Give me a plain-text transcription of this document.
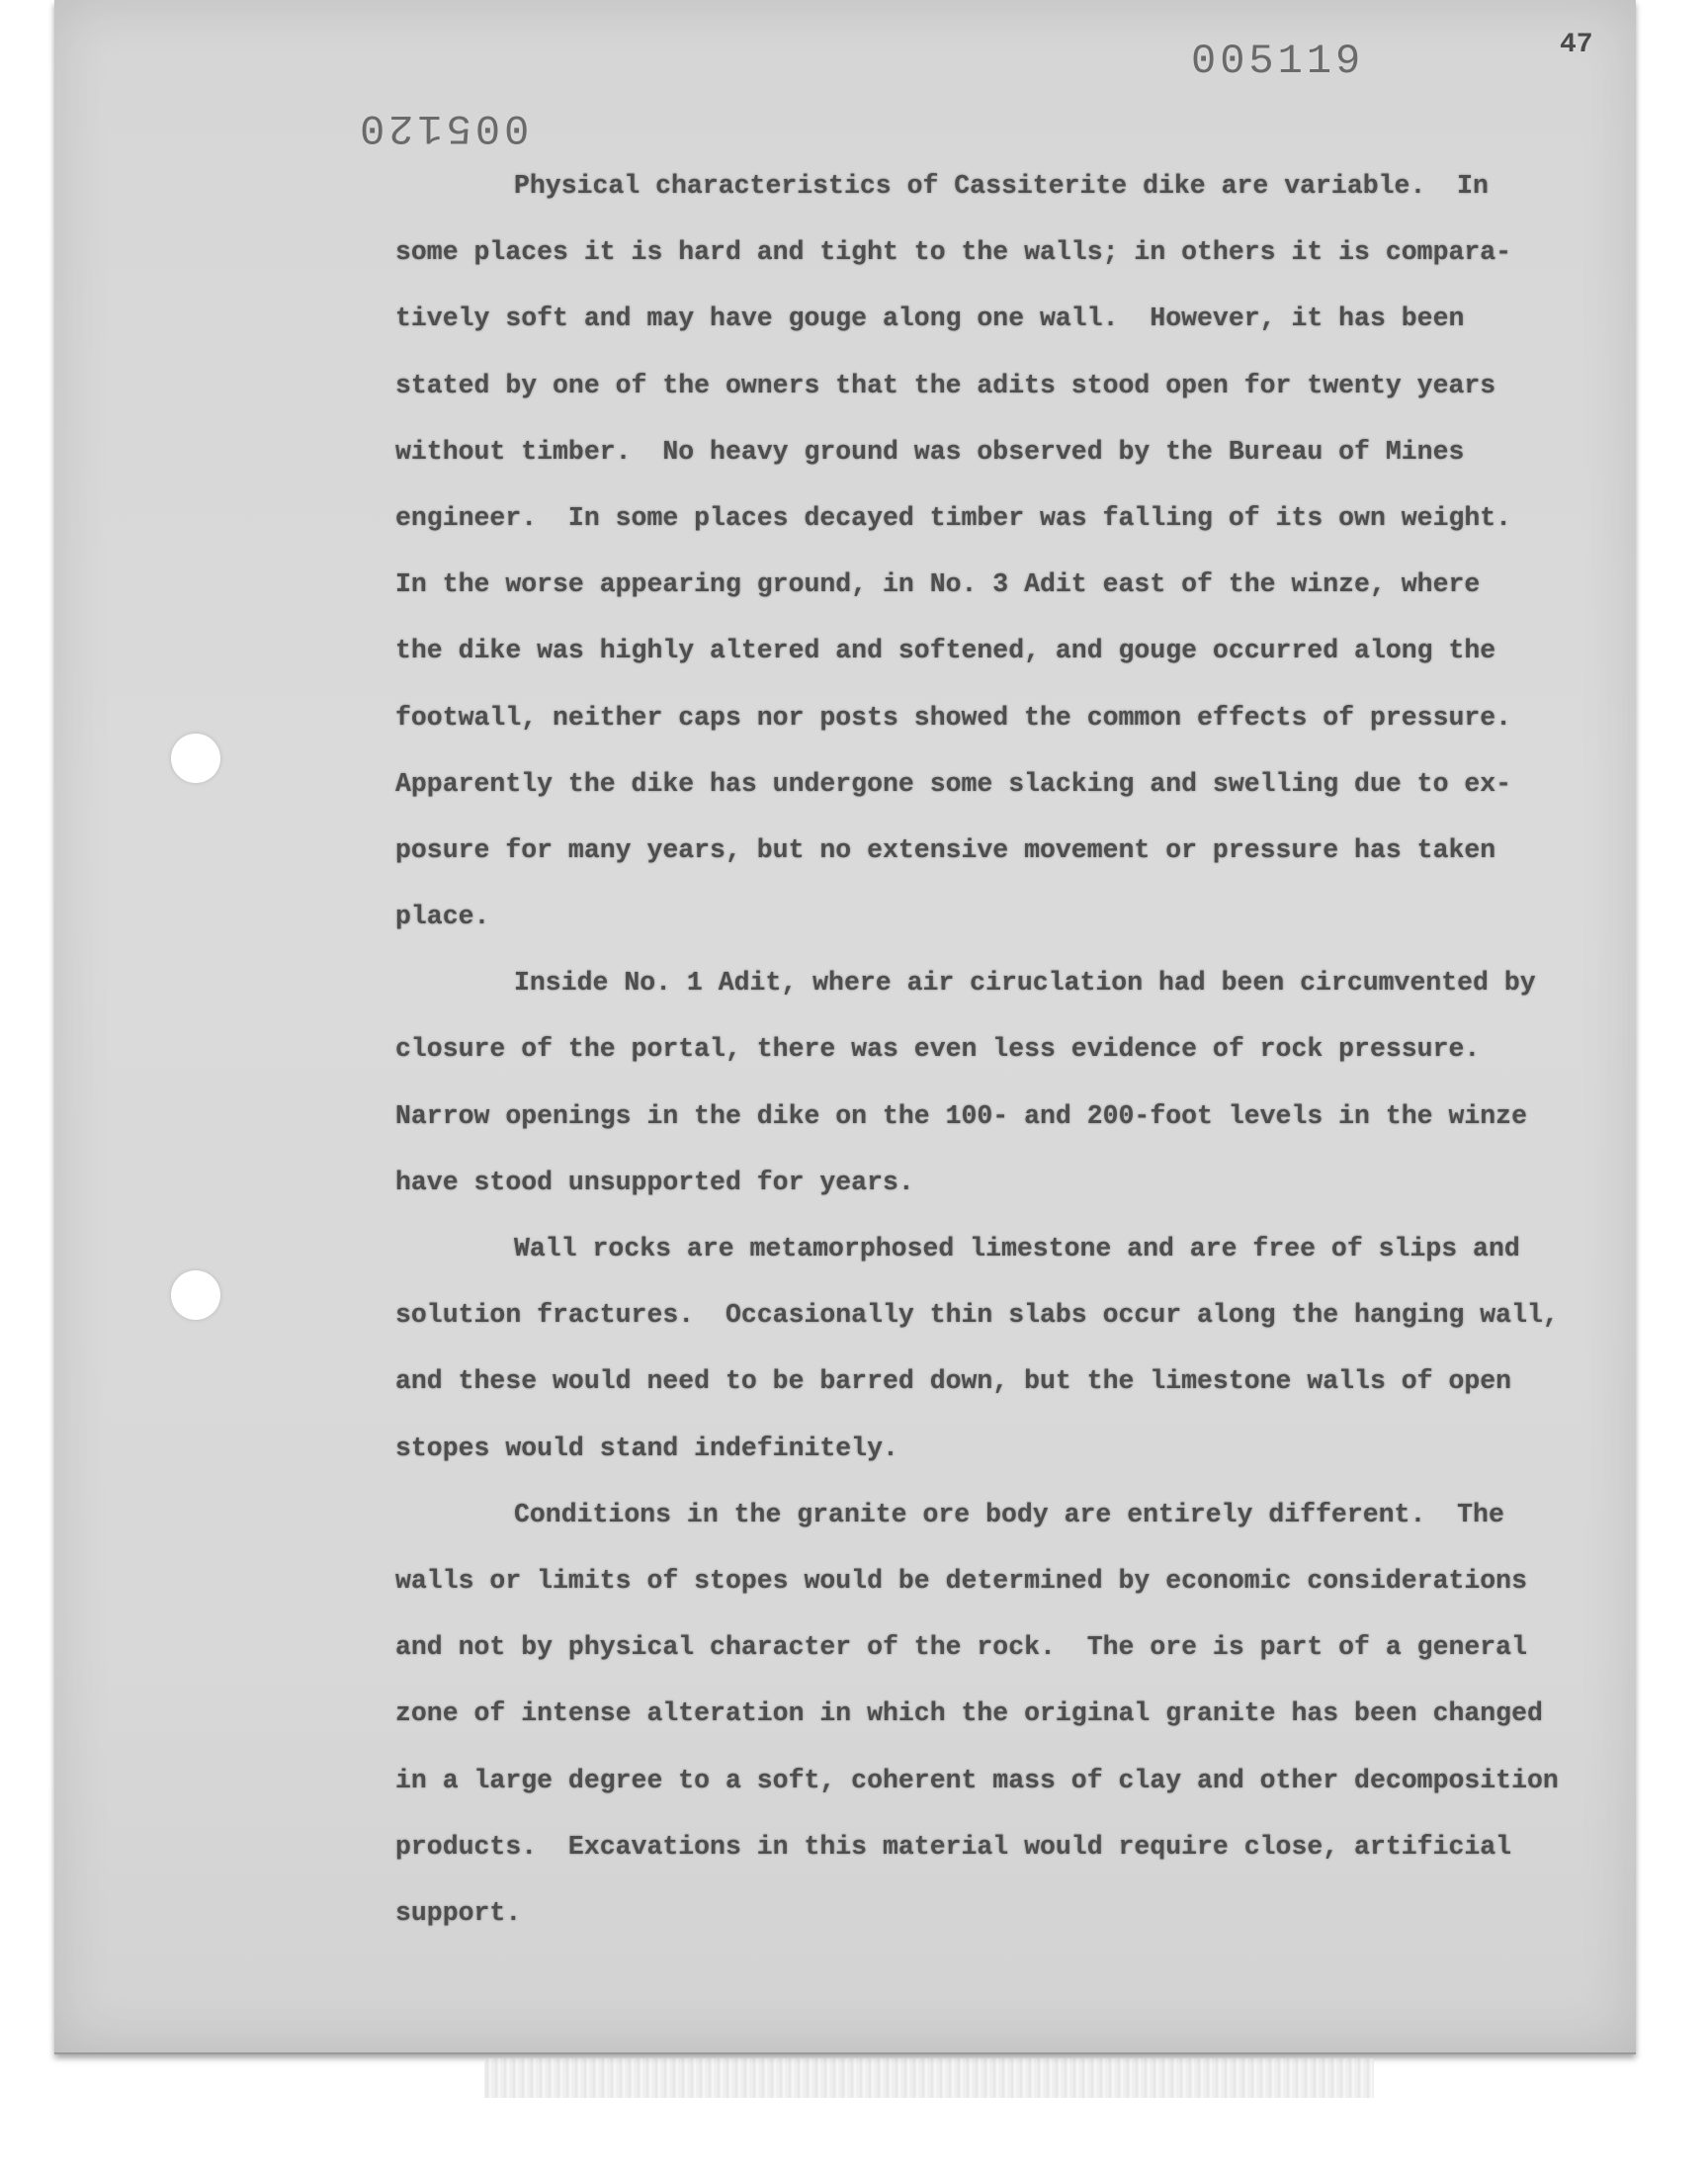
47
005119
005120
Physical characteristics of Cassiterite dike are variable.  In
some places it is hard and tight to the walls; in others it is compara-
tively soft and may have gouge along one wall.  However, it has been
stated by one of the owners that the adits stood open for twenty years
without timber.  No heavy ground was observed by the Bureau of Mines
engineer.  In some places decayed timber was falling of its own weight.
In the worse appearing ground, in No. 3 Adit east of the winze, where
the dike was highly altered and softened, and gouge occurred along the
footwall, neither caps nor posts showed the common effects of pressure.
Apparently the dike has undergone some slacking and swelling due to ex-
posure for many years, but no extensive movement or pressure has taken
place.
Inside No. 1 Adit, where air ciruclation had been circumvented by
closure of the portal, there was even less evidence of rock pressure.
Narrow openings in the dike on the 100- and 200-foot levels in the winze
have stood unsupported for years.
Wall rocks are metamorphosed limestone and are free of slips and
solution fractures.  Occasionally thin slabs occur along the hanging wall,
and these would need to be barred down, but the limestone walls of open
stopes would stand indefinitely.
Conditions in the granite ore body are entirely different.  The
walls or limits of stopes would be determined by economic considerations
and not by physical character of the rock.  The ore is part of a general
zone of intense alteration in which the original granite has been changed
in a large degree to a soft, coherent mass of clay and other decomposition
products.  Excavations in this material would require close, artificial
support.
